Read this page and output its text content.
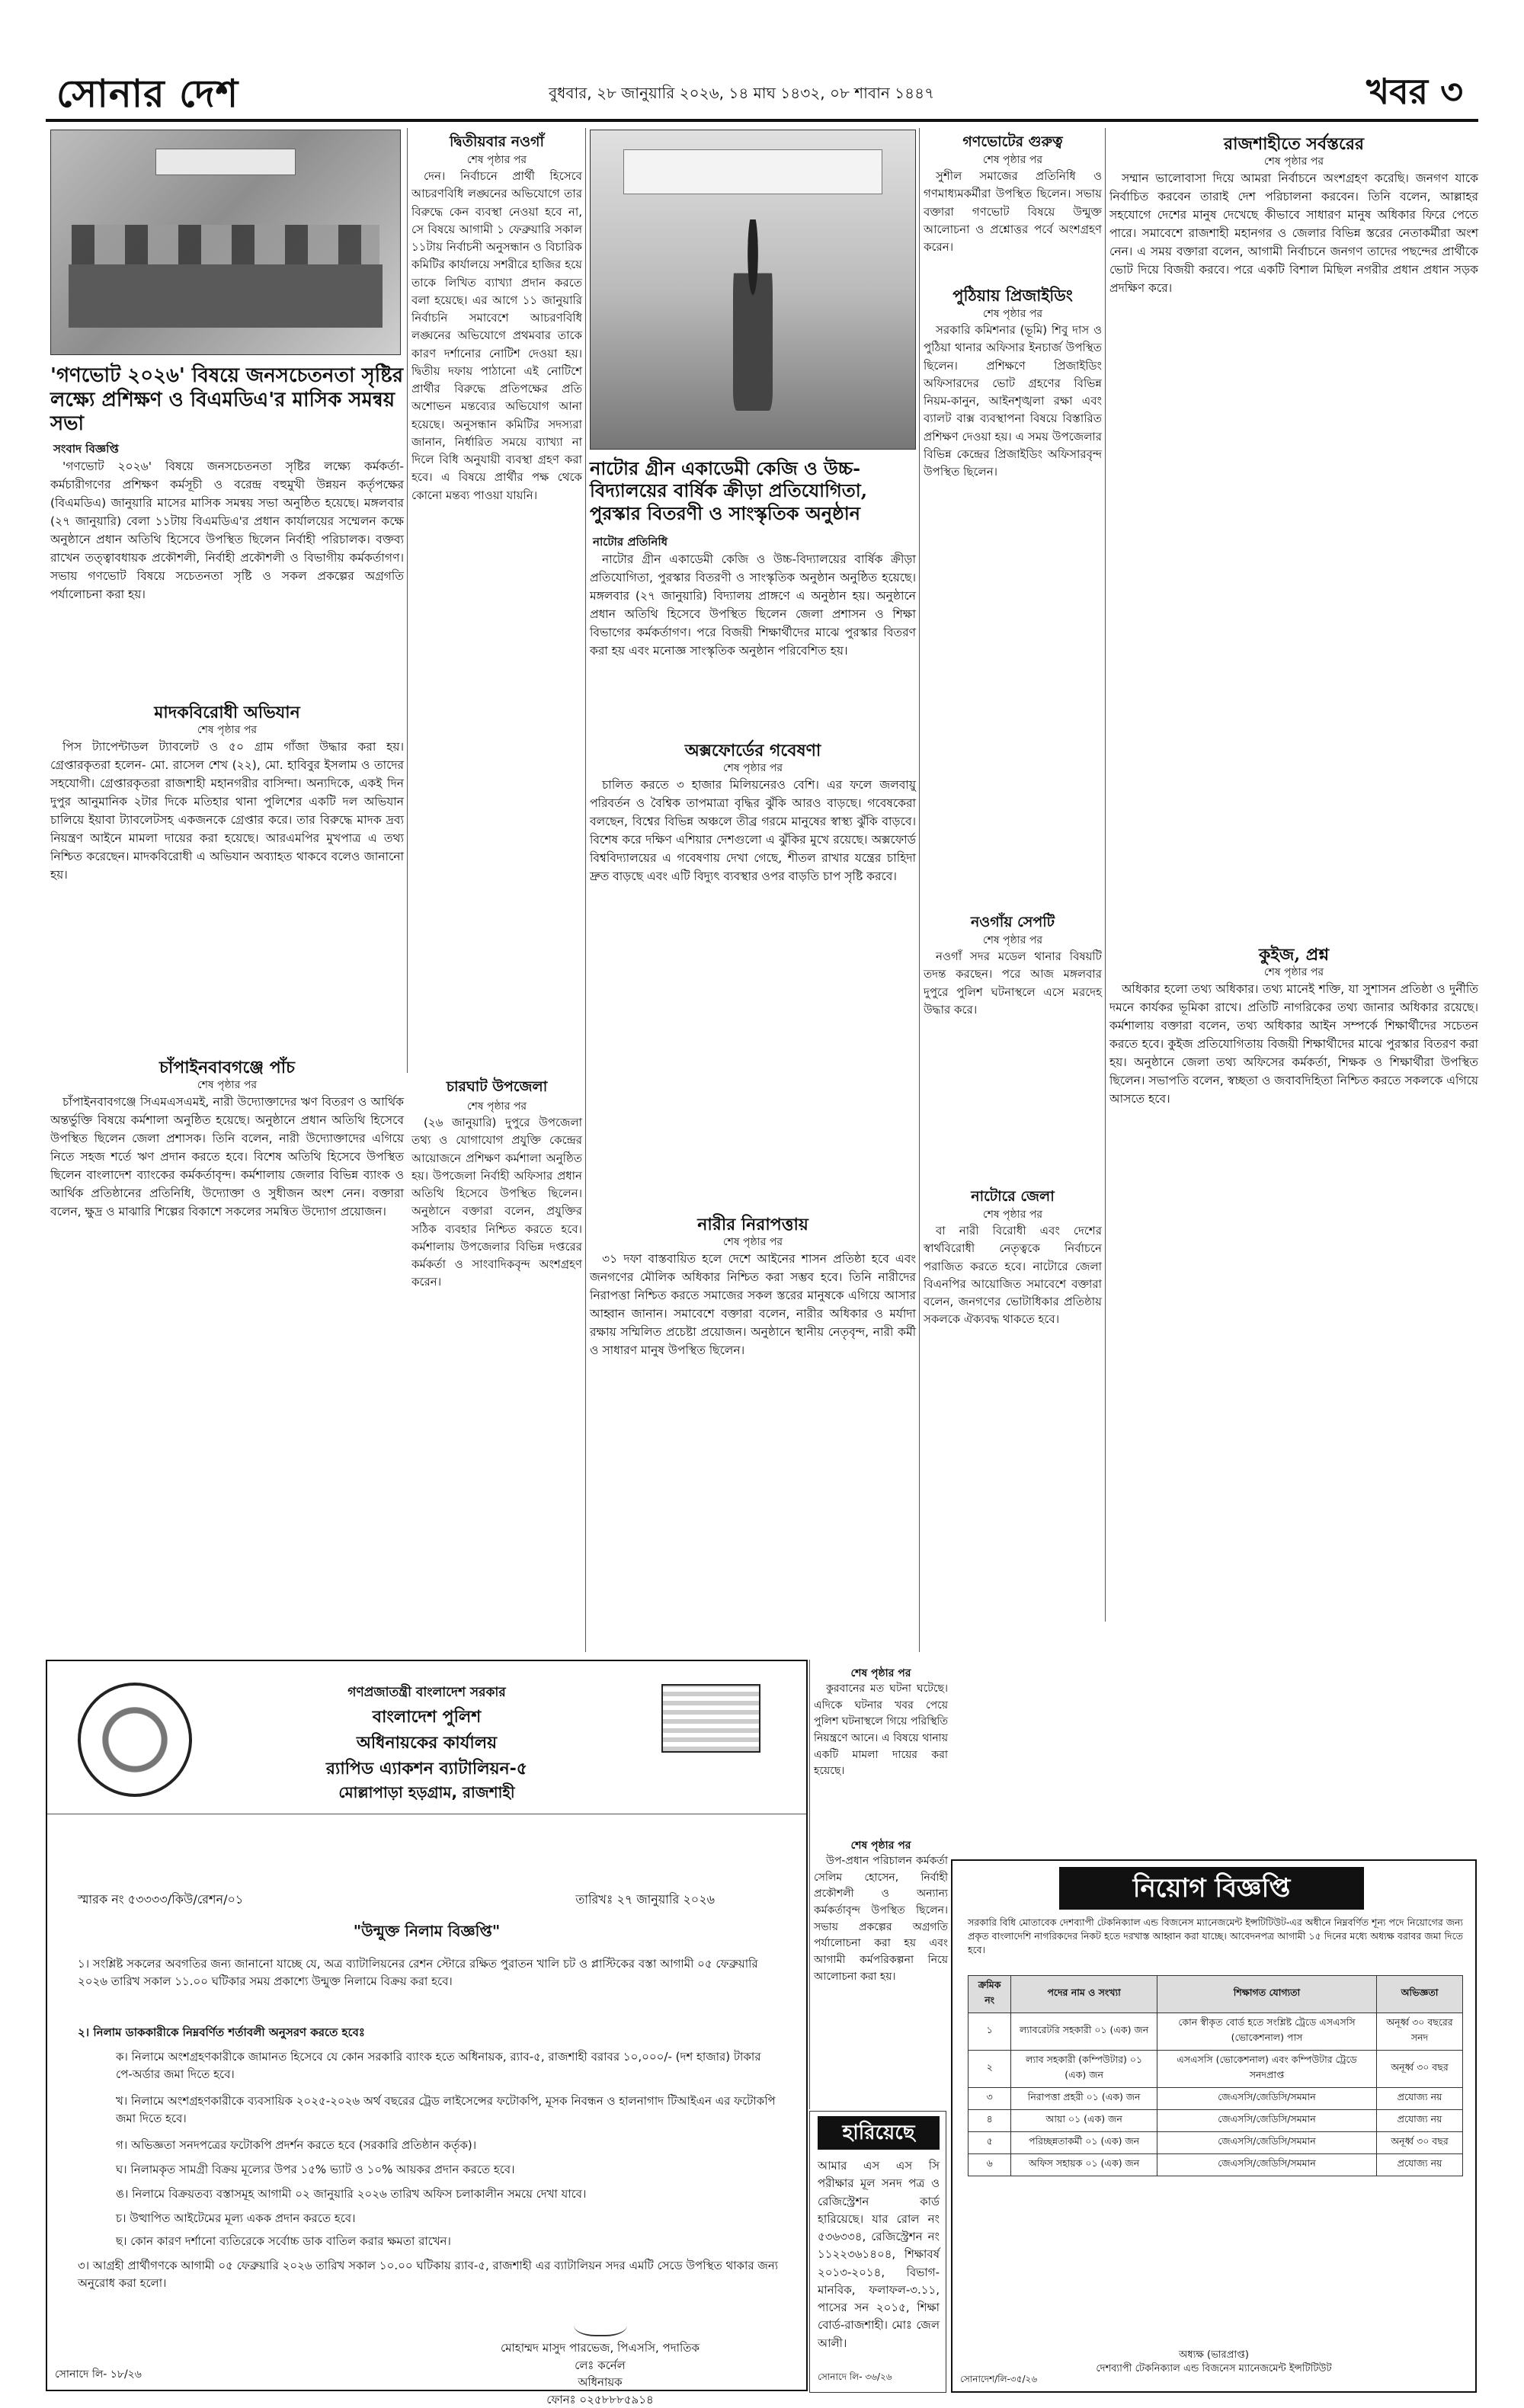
সোনার দেশ	বুধবার, ২৮ জানুয়ারি ২০২৬, ১৪ মাঘ ১৪৩২, ০৮ শাবান ১৪৪৭	খবর ৩
'গণভোট ২০২৬' বিষয়ে জনসচেতনতা সৃষ্টির লক্ষ্যে প্রশিক্ষণ ও বিএমডিএ'র মাসিক সমন্বয় সভা
সংবাদ বিজ্ঞপ্তি

'গণভোট ২০২৬' বিষয়ে জনসচেতনতা সৃষ্টির লক্ষ্যে কর্মকর্তা-কর্মচারীগণের প্রশিক্ষণ কর্মসূচী ও বরেন্দ্র বহুমুখী উন্নয়ন কর্তৃপক্ষের (বিএমডিএ) জানুয়ারি মাসের মাসিক সমন্বয় সভা অনুষ্ঠিত হয়েছে। মঙ্গলবার (২৭ জানুয়ারি) বেলা ১১টায় বিএমডিএ'র প্রধান কার্যালয়ের সম্মেলন কক্ষে অনুষ্ঠানে প্রধান অতিথি হিসেবে উপস্থিত ছিলেন নির্বাহী পরিচালক। বক্তব্য রাখেন তত্ত্বাবধায়ক প্রকৌশলী, নির্বাহী প্রকৌশলী ও বিভাগীয় কর্মকর্তাগণ। সভায় গণভোট বিষয়ে সচেতনতা সৃষ্টি ও সকল প্রকল্পের অগ্রগতি পর্যালোচনা করা হয়।

মাদকবিরোধী অভিযান
শেষ পৃষ্ঠার পর

পিস ট্যাপেন্টাডল ট্যাবলেট ও ৫০ গ্রাম গাঁজা উদ্ধার করা হয়। গ্রেপ্তারকৃতরা হলেন- মো. রাসেল শেখ (২২), মো. হাবিবুর ইসলাম ও তাদের সহযোগী। গ্রেপ্তারকৃতরা রাজশাহী মহানগরীর বাসিন্দা। অন্যদিকে, একই দিন দুপুর আনুমানিক ২টার দিকে মতিহার থানা পুলিশের একটি দল অভিযান চালিয়ে ইয়াবা ট্যাবলেটসহ একজনকে গ্রেপ্তার করে। তার বিরুদ্ধে মাদক দ্রব্য নিয়ন্ত্রণ আইনে মামলা দায়ের করা হয়েছে। আরএমপির মুখপাত্র এ তথ্য নিশ্চিত করেছেন। মাদকবিরোধী এ অভিযান অব্যাহত থাকবে বলেও জানানো হয়।

চাঁপাইনবাবগঞ্জে পাঁচ
শেষ পৃষ্ঠার পর

চাঁপাইনবাবগঞ্জে সিএমএসএমই, নারী উদ্যোক্তাদের ঋণ বিতরণ ও আর্থিক অন্তর্ভুক্তি বিষয়ে কর্মশালা অনুষ্ঠিত হয়েছে। অনুষ্ঠানে প্রধান অতিথি হিসেবে উপস্থিত ছিলেন জেলা প্রশাসক। তিনি বলেন, নারী উদ্যোক্তাদের এগিয়ে নিতে সহজ শর্তে ঋণ প্রদান করতে হবে। বিশেষ অতিথি হিসেবে উপস্থিত ছিলেন বাংলাদেশ ব্যাংকের কর্মকর্তাবৃন্দ। কর্মশালায় জেলার বিভিন্ন ব্যাংক ও আর্থিক প্রতিষ্ঠানের প্রতিনিধি, উদ্যোক্তা ও সুধীজন অংশ নেন। বক্তারা বলেন, ক্ষুদ্র ও মাঝারি শিল্পের বিকাশে সকলের সমন্বিত উদ্যোগ প্রয়োজন।

দ্বিতীয়বার নওগাঁ
শেষ পৃষ্ঠার পর

দেন। নির্বাচনে প্রার্থী হিসেবে আচরণবিধি লঙ্ঘনের অভিযোগে তার বিরুদ্ধে কেন ব্যবস্থা নেওয়া হবে না, সে বিষয়ে আগামী ১ ফেব্রুয়ারি সকাল ১১টায় নির্বাচনী অনুসন্ধান ও বিচারিক কমিটির কার্যালয়ে সশরীরে হাজির হয়ে তাকে লিখিত ব্যাখ্যা প্রদান করতে বলা হয়েছে। এর আগে ১১ জানুয়ারি নির্বাচনি সমাবেশে আচরণবিধি লঙ্ঘনের অভিযোগে প্রথমবার তাকে কারণ দর্শানোর নোটিশ দেওয়া হয়। দ্বিতীয় দফায় পাঠানো এই নোটিশে প্রার্থীর বিরুদ্ধে প্রতিপক্ষের প্রতি অশোভন মন্তব্যের অভিযোগ আনা হয়েছে। অনুসন্ধান কমিটির সদস্যরা জানান, নির্ধারিত সময়ে ব্যাখ্যা না দিলে বিধি অনুযায়ী ব্যবস্থা গ্রহণ করা হবে। এ বিষয়ে প্রার্থীর পক্ষ থেকে কোনো মন্তব্য পাওয়া যায়নি।

চারঘাট উপজেলা
শেষ পৃষ্ঠার পর

(২৬ জানুয়ারি) দুপুরে উপজেলা তথ্য ও যোগাযোগ প্রযুক্তি কেন্দ্রের আয়োজনে প্রশিক্ষণ কর্মশালা অনুষ্ঠিত হয়। উপজেলা নির্বাহী অফিসার প্রধান অতিথি হিসেবে উপস্থিত ছিলেন। অনুষ্ঠানে বক্তারা বলেন, প্রযুক্তির সঠিক ব্যবহার নিশ্চিত করতে হবে। কর্মশালায় উপজেলার বিভিন্ন দপ্তরের কর্মকর্তা ও সাংবাদিকবৃন্দ অংশগ্রহণ করেন।

নাটোর গ্রীন একাডেমী কেজি ও উচ্চ-বিদ্যালয়ের বার্ষিক ক্রীড়া প্রতিযোগিতা, পুরস্কার বিতরণী ও সাংস্কৃতিক অনুষ্ঠান
নাটোর প্রতিনিধি

নাটোর গ্রীন একাডেমী কেজি ও উচ্চ-বিদ্যালয়ের বার্ষিক ক্রীড়া প্রতিযোগিতা, পুরস্কার বিতরণী ও সাংস্কৃতিক অনুষ্ঠান অনুষ্ঠিত হয়েছে। মঙ্গলবার (২৭ জানুয়ারি) বিদ্যালয় প্রাঙ্গণে এ অনুষ্ঠান হয়। অনুষ্ঠানে প্রধান অতিথি হিসেবে উপস্থিত ছিলেন জেলা প্রশাসন ও শিক্ষা বিভাগের কর্মকর্তাগণ। পরে বিজয়ী শিক্ষার্থীদের মাঝে পুরস্কার বিতরণ করা হয় এবং মনোজ্ঞ সাংস্কৃতিক অনুষ্ঠান পরিবেশিত হয়।

অক্সফোর্ডের গবেষণা
শেষ পৃষ্ঠার পর

চালিত করতে ৩ হাজার মিলিয়নেরও বেশি। এর ফলে জলবায়ু পরিবর্তন ও বৈশ্বিক তাপমাত্রা বৃদ্ধির ঝুঁকি আরও বাড়ছে। গবেষকেরা বলছেন, বিশ্বের বিভিন্ন অঞ্চলে তীব্র গরমে মানুষের স্বাস্থ্য ঝুঁকি বাড়বে। বিশেষ করে দক্ষিণ এশিয়ার দেশগুলো এ ঝুঁকির মুখে রয়েছে। অক্সফোর্ড বিশ্ববিদ্যালয়ের এ গবেষণায় দেখা গেছে, শীতল রাখার যন্ত্রের চাহিদা দ্রুত বাড়ছে এবং এটি বিদ্যুৎ ব্যবস্থার ওপর বাড়তি চাপ সৃষ্টি করবে।

নারীর নিরাপত্তায়
শেষ পৃষ্ঠার পর

৩১ দফা বাস্তবায়িত হলে দেশে আইনের শাসন প্রতিষ্ঠা হবে এবং জনগণের মৌলিক অধিকার নিশ্চিত করা সম্ভব হবে। তিনি নারীদের নিরাপত্তা নিশ্চিত করতে সমাজের সকল স্তরের মানুষকে এগিয়ে আসার আহ্বান জানান। সমাবেশে বক্তারা বলেন, নারীর অধিকার ও মর্যাদা রক্ষায় সম্মিলিত প্রচেষ্টা প্রয়োজন। অনুষ্ঠানে স্থানীয় নেতৃবৃন্দ, নারী কর্মী ও সাধারণ মানুষ উপস্থিত ছিলেন।

গণভোটের গুরুত্ব
শেষ পৃষ্ঠার পর

সুশীল সমাজের প্রতিনিধি ও গণমাধ্যমকর্মীরা উপস্থিত ছিলেন। সভায় বক্তারা গণভোট বিষয়ে উন্মুক্ত আলোচনা ও প্রশ্নোত্তর পর্বে অংশগ্রহণ করেন।

পুঠিয়ায় প্রিজাইডিং
শেষ পৃষ্ঠার পর

সরকারি কমিশনার (ভূমি) শিবু দাস ও পুঠিয়া থানার অফিসার ইনচার্জ উপস্থিত ছিলেন। প্রশিক্ষণে প্রিজাইডিং অফিসারদের ভোট গ্রহণের বিভিন্ন নিয়ম-কানুন, আইনশৃঙ্খলা রক্ষা এবং ব্যালট বাক্স ব্যবস্থাপনা বিষয়ে বিস্তারিত প্রশিক্ষণ দেওয়া হয়। এ সময় উপজেলার বিভিন্ন কেন্দ্রের প্রিজাইডিং অফিসারবৃন্দ উপস্থিত ছিলেন।

নওগাঁয় সেপটি
শেষ পৃষ্ঠার পর

নওগাঁ সদর মডেল থানার বিষয়টি তদন্ত করছেন। পরে আজ মঙ্গলবার দুপুরে পুলিশ ঘটনাস্থলে এসে মরদেহ উদ্ধার করে।

নাটোরে জেলা
শেষ পৃষ্ঠার পর

বা নারী বিরোধী এবং দেশের স্বার্থবিরোধী নেতৃত্বকে নির্বাচনে পরাজিত করতে হবে। নাটোরে জেলা বিএনপির আয়োজিত সমাবেশে বক্তারা বলেন, জনগণের ভোটাধিকার প্রতিষ্ঠায় সকলকে ঐক্যবদ্ধ থাকতে হবে।

রাজশাহীতে সর্বস্তরের
শেষ পৃষ্ঠার পর

সম্মান ভালোবাসা দিয়ে আমরা নির্বাচনে অংশগ্রহণ করেছি। জনগণ যাকে নির্বাচিত করবেন তারাই দেশ পরিচালনা করবেন। তিনি বলেন, আল্লাহর সহযোগে দেশের মানুষ দেখেছে কীভাবে সাধারণ মানুষ অধিকার ফিরে পেতে পারে। সমাবেশে রাজশাহী মহানগর ও জেলার বিভিন্ন স্তরের নেতাকর্মীরা অংশ নেন। এ সময় বক্তারা বলেন, আগামী নির্বাচনে জনগণ তাদের পছন্দের প্রার্থীকে ভোট দিয়ে বিজয়ী করবে। পরে একটি বিশাল মিছিল নগরীর প্রধান প্রধান সড়ক প্রদক্ষিণ করে।

কুইজ, প্রশ্ন
শেষ পৃষ্ঠার পর

অধিকার হলো তথ্য অধিকার। তথ্য মানেই শক্তি, যা সুশাসন প্রতিষ্ঠা ও দুর্নীতি দমনে কার্যকর ভূমিকা রাখে। প্রতিটি নাগরিকের তথ্য জানার অধিকার রয়েছে। কর্মশালায় বক্তারা বলেন, তথ্য অধিকার আইন সম্পর্কে শিক্ষার্থীদের সচেতন করতে হবে। কুইজ প্রতিযোগিতায় বিজয়ী শিক্ষার্থীদের মাঝে পুরস্কার বিতরণ করা হয়। অনুষ্ঠানে জেলা তথ্য অফিসের কর্মকর্তা, শিক্ষক ও শিক্ষার্থীরা উপস্থিত ছিলেন। সভাপতি বলেন, স্বচ্ছতা ও জবাবদিহিতা নিশ্চিত করতে সকলকে এগিয়ে আসতে হবে।

গণপ্রজাতন্ত্রী বাংলাদেশ সরকার
বাংলাদেশ পুলিশ
অধিনায়কের কার্যালয়
র‌্যাপিড এ্যাকশন ব্যাটালিয়ন-৫
মোল্লাপাড়া হড়গ্রাম, রাজশাহী
স্মারক নং ৫৩৩৩৩/কিউ/রেশন/০১	তারিখঃ ২৭ জানুয়ারি ২০২৬
"উন্মুক্ত নিলাম বিজ্ঞপ্তি"
১। সংশ্লিষ্ট সকলের অবগতির জন্য জানানো যাচ্ছে যে, অত্র ব্যাটালিয়নের রেশন স্টোরে রক্ষিত পুরাতন খালি চট ও প্লাস্টিকের বস্তা আগামী ০৫ ফেব্রুয়ারি ২০২৬ তারিখ সকাল ১১.০০ ঘটিকার সময় প্রকাশ্যে উন্মুক্ত নিলামে বিক্রয় করা হবে।
২। নিলাম ডাককারীকে নিম্নবর্ণিত শর্তাবলী অনুসরণ করতে হবেঃ
ক। নিলামে অংশগ্রহণকারীকে জামানত হিসেবে যে কোন সরকারি ব্যাংক হতে অধিনায়ক, র‍্যাব-৫, রাজশাহী বরাবর ১০,০০০/- (দশ হাজার) টাকার পে-অর্ডার জমা দিতে হবে।
খ। নিলামে অংশগ্রহণকারীকে ব্যবসায়িক ২০২৫-২০২৬ অর্থ বছরের ট্রেড লাইসেন্সের ফটোকপি, মূসক নিবন্ধন ও হালনাগাদ টিআইএন এর ফটোকপি জমা দিতে হবে।
গ। অভিজ্ঞতা সনদপত্রের ফটোকপি প্রদর্শন করতে হবে (সরকারি প্রতিষ্ঠান কর্তৃক)।
ঘ। নিলামকৃত সামগ্রী বিক্রয় মূল্যের উপর ১৫% ভ্যাট ও ১০% আয়কর প্রদান করতে হবে।
ঙ। নিলামে বিক্রয়তব্য বস্তাসমূহ আগামী ০২ জানুয়ারি ২০২৬ তারিখ অফিস চলাকালীন সময়ে দেখা যাবে।
চ। উত্থাপিত আইটেমের মূল্য একক প্রদান করতে হবে।
ছ। কোন কারণ দর্শানো ব্যতিরেকে সর্বোচ্চ ডাক বাতিল করার ক্ষমতা রাখেন।
৩। আগ্রহী প্রার্থীগণকে আগামী ০৫ ফেব্রুয়ারি ২০২৬ তারিখ সকাল ১০.০০ ঘটিকায় র‍্যাব-৫, রাজশাহী এর ব্যাটালিয়ন সদর এমটি সেডে উপস্থিত থাকার জন্য অনুরোধ করা হলো।
মোহাম্মদ মাসুদ পারভেজ, পিএসসি, পদাতিক
লেঃ কর্নেল
অধিনায়ক
ফোনঃ ০২৫৮৮৮৫৯১৪
সোনাদে লি- ১৮/২৬
শেষ পৃষ্ঠার পর

কুরবানের মত ঘটনা ঘটেছে। এদিকে ঘটনার খবর পেয়ে পুলিশ ঘটনাস্থলে গিয়ে পরিস্থিতি নিয়ন্ত্রণে আনে। এ বিষয়ে থানায় একটি মামলা দায়ের করা হয়েছে।

শেষ পৃষ্ঠার পর

উপ-প্রধান পরিচালন কর্মকর্তা সেলিম হোসেন, নির্বাহী প্রকৌশলী ও অন্যান্য কর্মকর্তাবৃন্দ উপস্থিত ছিলেন। সভায় প্রকল্পের অগ্রগতি পর্যালোচনা করা হয় এবং আগামী কর্মপরিকল্পনা নিয়ে আলোচনা করা হয়।

হারিয়েছে
আমার এস এস সি পরীক্ষার মূল সনদ পত্র ও রেজিস্ট্রেশন কার্ড হারিয়েছে। যার রোল নং ৫৩৬৩৩৪, রেজিস্ট্রেশন নং ১১২২৩৬১৪০৪, শিক্ষাবর্ষ ২০১৩-২০১৪, বিভাগ-মানবিক, ফলাফল-৩.১১, পাসের সন ২০১৫, শিক্ষা বোর্ড-রাজশাহী। মোঃ জেল আলী।
সোনাদে লি- ৩৬/২৬
নিয়োগ বিজ্ঞপ্তি
সরকারি বিধি মোতাবেক দেশব্যাপী টেকনিক্যাল এন্ড বিজনেস ম্যানেজমেন্ট ইন্সটিটিউট-এর অধীনে নিম্নবর্ণিত শূন্য পদে নিয়োগের জন্য প্রকৃত বাংলাদেশি নাগরিকদের নিকট হতে দরখাস্ত আহ্বান করা যাচ্ছে। আবেদনপত্র আগামী ১৫ দিনের মধ্যে অধ্যক্ষ বরাবর জমা দিতে হবে।
ক্রমিক নং	পদের নাম ও সংখ্যা	শিক্ষাগত যোগ্যতা	অভিজ্ঞতা
১	ল্যাবরেটরি সহকারী ০১ (এক) জন	কোন স্বীকৃত বোর্ড হতে সংশ্লিষ্ট ট্রেডে এসএসসি (ভোকেশনাল) পাস	অনূর্ধ্ব ৩০ বছরের সনদ
২	ল্যাব সহকারী (কম্পিউটার) ০১ (এক) জন	এসএসসি (ভোকেশনাল) এবং কম্পিউটার ট্রেডে সনদপ্রাপ্ত	অনূর্ধ্ব ৩০ বছর
৩	নিরাপত্তা প্রহরী ০১ (এক) জন	জেএসসি/জেডিসি/সমমান	প্রযোজ্য নয়
৪	আয়া ০১ (এক) জন	জেএসসি/জেডিসি/সমমান	প্রযোজ্য নয়
৫	পরিচ্ছন্নতাকর্মী ০১ (এক) জন	জেএসসি/জেডিসি/সমমান	অনূর্ধ্ব ৩০ বছর
৬	অফিস সহায়ক ০১ (এক) জন	জেএসসি/জেডিসি/সমমান	প্রযোজ্য নয়
অধ্যক্ষ (ভারপ্রাপ্ত)
দেশব্যাপী টেকনিক্যাল এন্ড বিজনেস ম্যানেজমেন্ট ইন্সটিটিউট
সোনাদেশ/লি-৩৫/২৬
